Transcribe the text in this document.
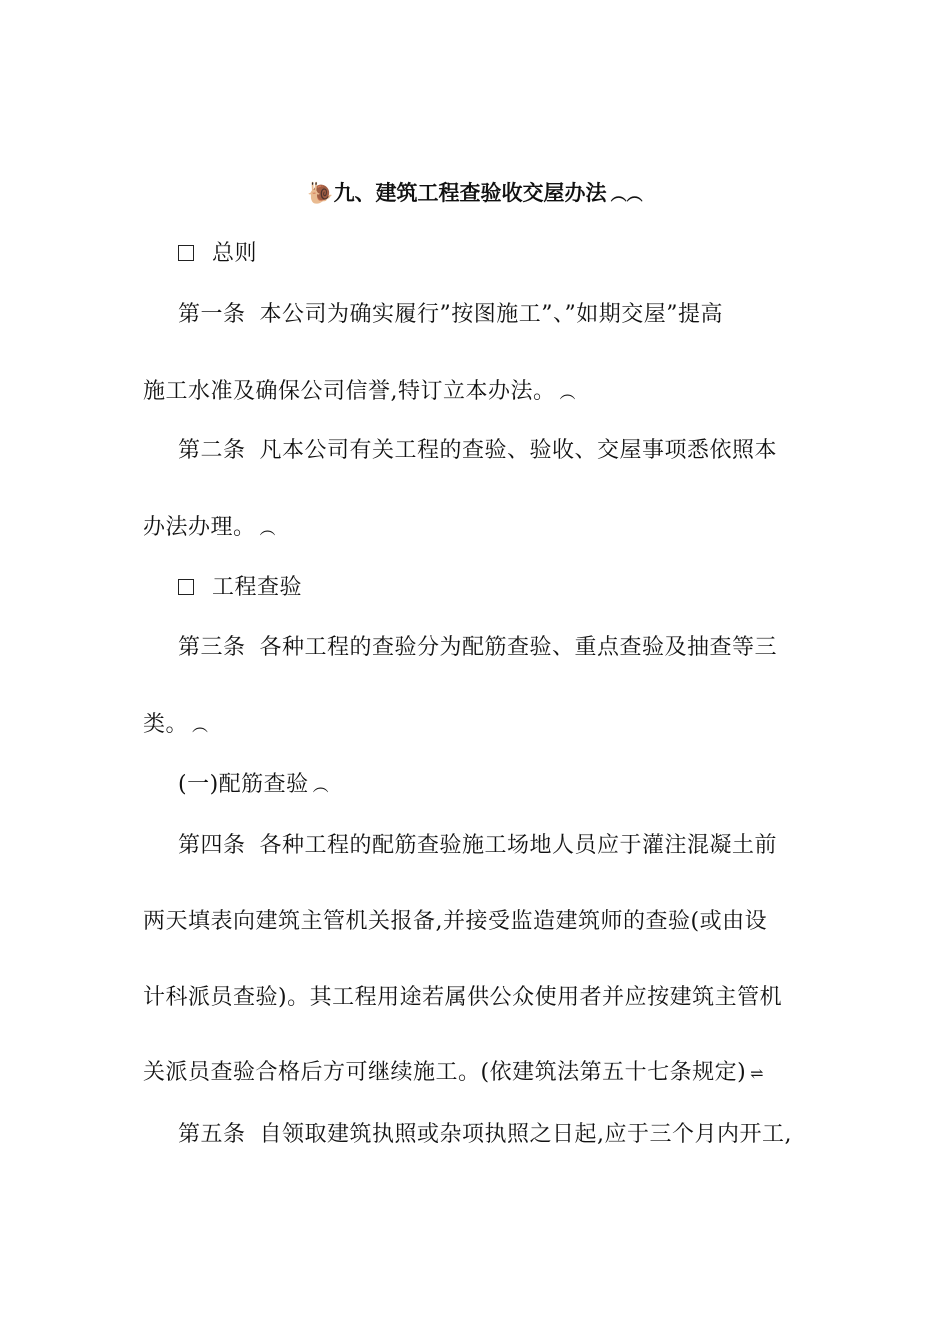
🐌九、建筑工程查验收交屋办法 ︵︵
总则
第一条 本公司为确实履行”按图施工”、”如期交屋”提高
施工水准及确保公司信誉,特订立本办法。 ︵
第二条 凡本公司有关工程的查验、验收、交屋事项悉依照本
办法办理。 ︵
工程查验
第三条 各种工程的查验分为配筋查验、重点查验及抽查等三
类。 ︵
(一)配筋查验 ︵
第四条 各种工程的配筋查验施工场地人员应于灌注混凝土前
两天填表向建筑主管机关报备,并接受监造建筑师的查验(或由设
计科派员查验)。其工程用途若属供公众使用者并应按建筑主管机
关派员查验合格后方可继续施工。(依建筑法第五十七条规定) ⇌
第五条 自领取建筑执照或杂项执照之日起,应于三个月内开工,
